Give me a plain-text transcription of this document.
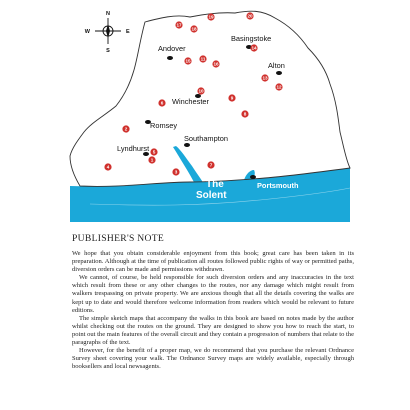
N
S
E
W
Andover
Basingstoke
Alton
Winchester
Romsey
Southampton
Lyndhurst
Portsmouth
The
Solent
1
2
3
4
5
6
7
8
9
10
11
12
13
14
15
16
17
18
19	20
PUBLISHER'S NOTE

We hope that you obtain considerable enjoyment from this book; great care has been taken in its preparation. Although at the time of publication all routes followed public rights of way or permitted paths, diversion orders can be made and permissions withdrawn.

We cannot, of course, be held responsible for such diversion orders and any inaccuracies in the text which result from these or any other changes to the routes, nor any damage which might result from walkers trespassing on private property. We are anxious though that all the details covering the walks are kept up to date and would therefore welcome information from readers which would be relevant to future editions.

The simple sketch maps that accompany the walks in this book are based on notes made by the author whilst checking out the routes on the ground. They are designed to show you how to reach the start, to point out the main features of the overall circuit and they contain a progression of numbers that relate to the paragraphs of the text.

However, for the benefit of a proper map, we do recommend that you purchase the relevant Ordnance Survey sheet covering your walk. The Ordnance Survey maps are widely available, especially through booksellers and local newsagents.
